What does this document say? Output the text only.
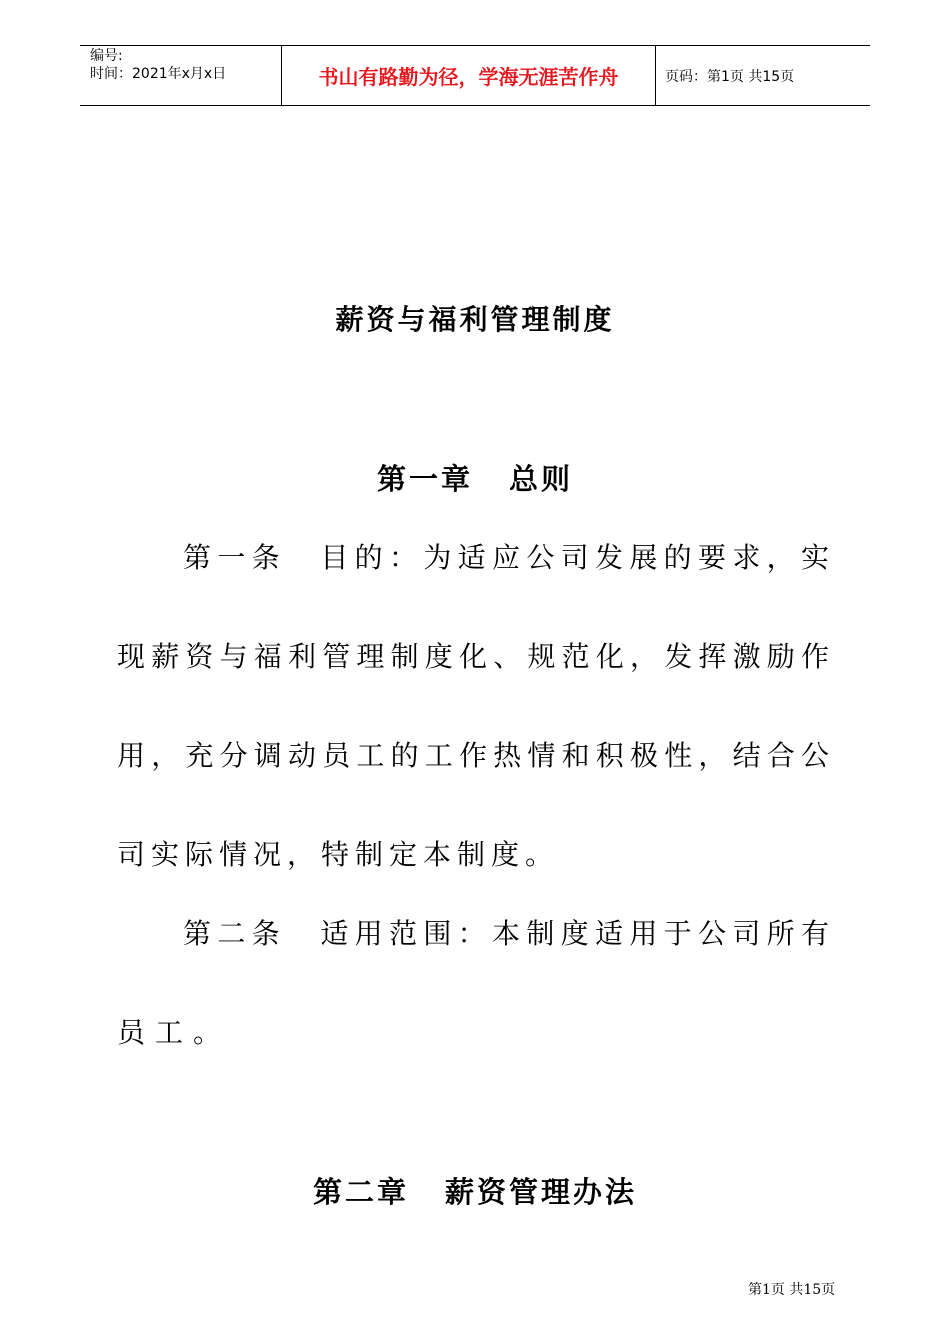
编号:
时间：2021年x月x日	书山有路勤为径，学海无涯苦作舟	页码：第1页 共15页
薪资与福利管理制度
第一章 总则
第一条　目的：为适应公司发展的要求，实
现薪资与福利管理制度化、规范化，发挥激励作
用，充分调动员工的工作热情和积极性，结合公
司实际情况，特制定本制度。
第二条　适用范围：本制度适用于公司所有
员工。
第二章 薪资管理办法
第1页 共15页
